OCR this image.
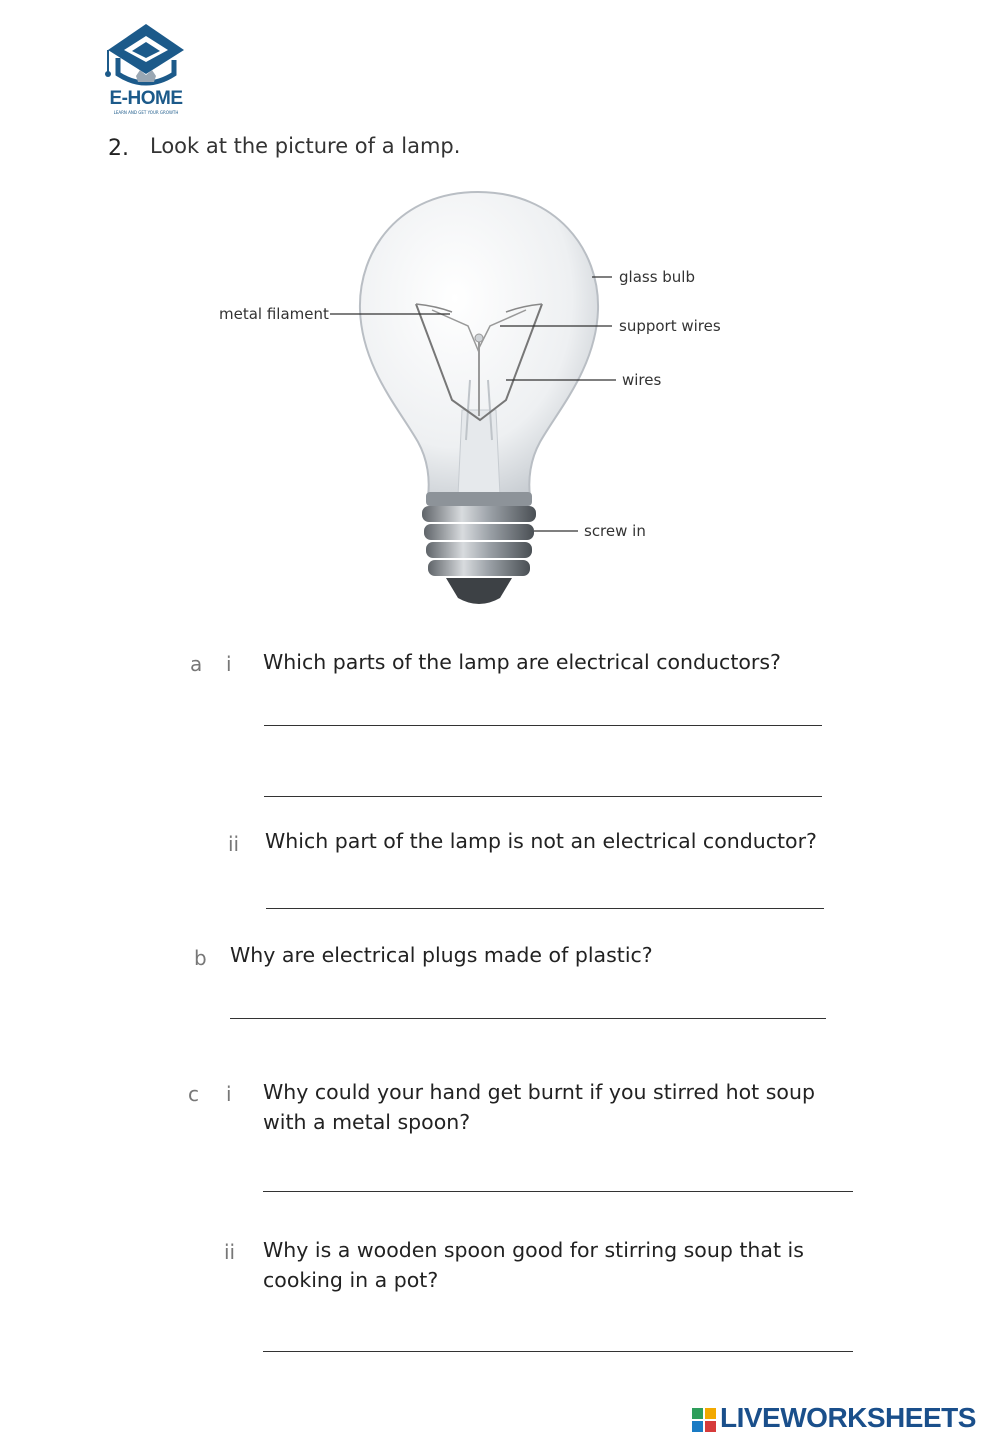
E-HOME
LEARN AND GET YOUR GROWTH
2. Look at the picture of a lamp.
glass bulb
metal filament
support wires
wires
screw in
a i Which parts of the lamp are electrical conductors?
ii Which part of the lamp is not an electrical conductor?
b Why are electrical plugs made of plastic?
c i Why could your hand get burnt if you stirred hot soup
with a metal spoon?
ii Why is a wooden spoon good for stirring soup that is
cooking in a pot?
LIVEWORKSHEETS
